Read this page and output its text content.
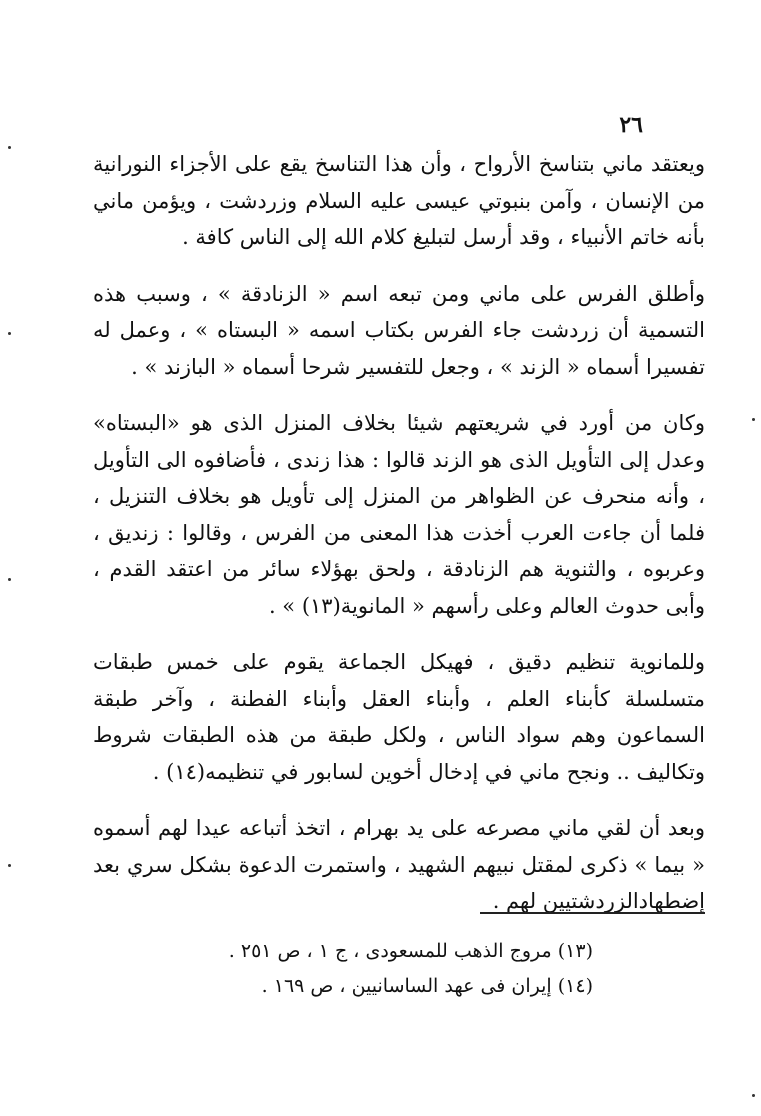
٢٦

ويعتقد ماني بتناسخ الأرواح ، وأن هذا التناسخ يقع على الأجزاء النورانية من الإنسان ، وآمن بنبوتي عيسى عليه السلام وزردشت ، ويؤمن ماني بأنه خاتم الأنبياء ، وقد أرسل لتبليغ كلام الله إلى الناس كافة .

وأطلق الفرس على ماني ومن تبعه اسم « الزنادقة » ، وسبب هذه التسمية أن زردشت جاء الفرس بكتاب اسمه « البستاه » ، وعمل له تفسيرا أسماه « الزند » ، وجعل للتفسير شرحا أسماه « البازند » .

وكان من أورد في شريعتهم شيئا بخلاف المنزل الذى هو «البستاه» وعدل إلى التأويل الذى هو الزند قالوا : هذا زندى ، فأضافوه الى التأويل ، وأنه منحرف عن الظواهر من المنزل إلى تأويل هو بخلاف التنزيل ، فلما أن جاءت العرب أخذت هذا المعنى من الفرس ، وقالوا : زنديق ، وعربوه ، والثنوية هم الزنادقة ، ولحق بهؤلاء سائر من اعتقد القدم ، وأبى حدوث العالم وعلى رأسهم « المانوية(١٣) » .

وللمانوية تنظيم دقيق ، فهيكل الجماعة يقوم على خمس طبقات متسلسلة كأبناء العلم ، وأبناء العقل وأبناء الفطنة ، وآخر طبقة السماعون وهم سواد الناس ، ولكل طبقة من هذه الطبقات شروط وتكاليف .. ونجح ماني في إدخال أخوين لسابور في تنظيمه(١٤) .

وبعد أن لقي ماني مصرعه على يد بهرام ، اتخذ أتباعه عيدا لهم أسموه « بيما » ذكرى لمقتل نبيهم الشهيد ، واستمرت الدعوة بشكل سري بعد إضطهادالزردشتيين لهم .

(١٣) مروج الذهب للمسعودى ، ج ١ ، ص ٢٥١ .

(١٤) إيران فى عهد الساسانيين ، ص ١٦٩ .
